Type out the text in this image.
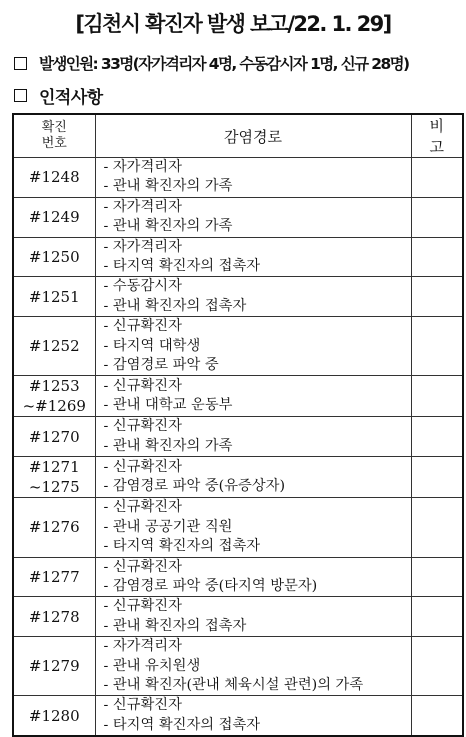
[김천시 확진자 발생 보고/22. 1. 29]
발생인원: 33명(자가격리자 4명, 수동감시자 1명, 신규 28명)
인적사항
확진
번호	감염경로	비고

#1248	- 자가격리자
- 관내 확진자의 가족	

#1249	- 자가격리자
- 관내 확진자의 가족	

#1250	- 자가격리자
- 타지역 확진자의 접촉자	

#1251	- 수동감시자
- 관내 확진자의 접촉자	

#1252	- 신규확진자
- 타지역 대학생
- 감염경로 파악 중	

#1253
~#1269	- 신규확진자
- 관내 대학교 운동부	

#1270	- 신규확진자
- 관내 확진자의 가족	

#1271
~1275	- 신규확진자
- 감염경로 파악 중(유증상자)	

#1276	- 신규확진자
- 관내 공공기관 직원
- 타지역 확진자의 접촉자	

#1277	- 신규확진자
- 감염경로 파악 중(타지역 방문자)	

#1278	- 신규확진자
- 관내 확진자의 접촉자	

#1279	- 자가격리자
- 관내 유치원생
- 관내 확진자(관내 체육시설 관련)의 가족	

#1280	- 신규확진자
- 타지역 확진자의 접촉자	
